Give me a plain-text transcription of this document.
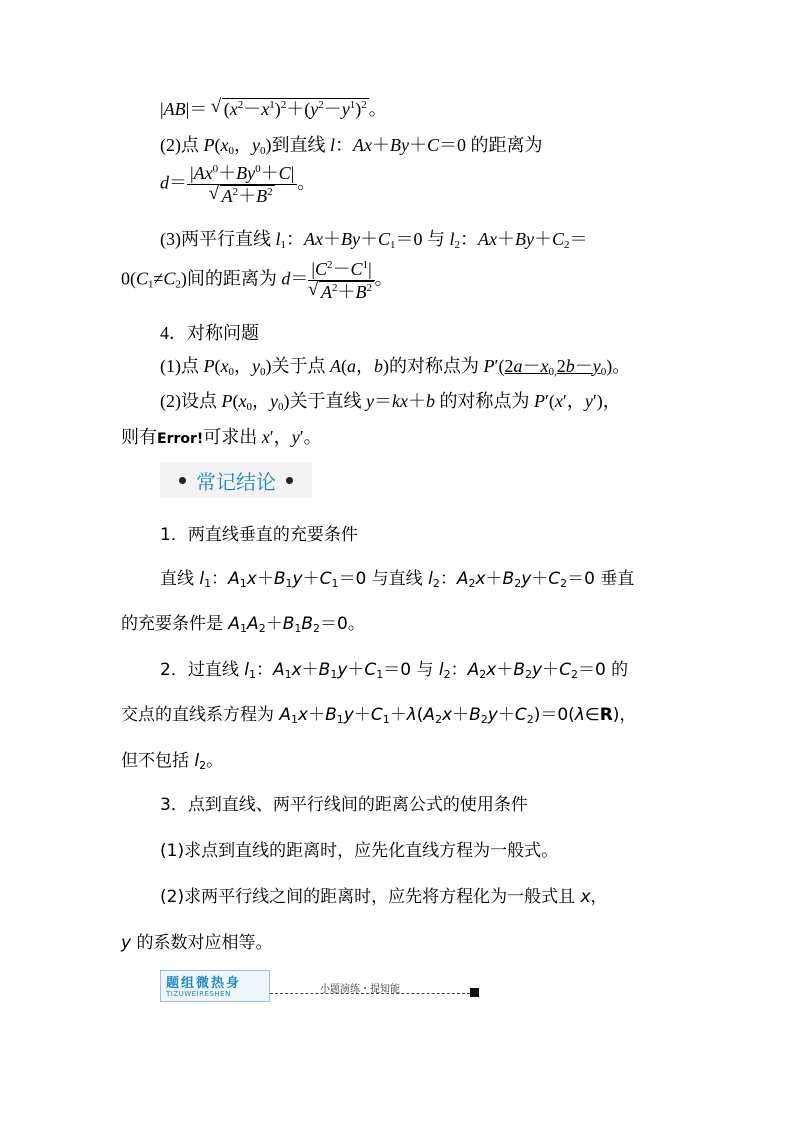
|AB|＝ √ $(x^2-x^1)^2+(y^2-y^1)^2$ 。
(2)点 $P(x_0$，$y_0$)到直线 l：Ax＋By＋C＝0 的距离为
$d= |Ax^0+By^0+C|$
√ $A^2+B^2$ 。
(3)两平行直线 $l_1$：$Ax+By+C_1=0$ 与 $l_2$：$Ax+By+C_2=$
$0(C_1\ne C_2)$间的距离为 $d= |C^2-C^1|$
√ $A^2+B^2$ 。
4．对称问题
(1)点 $P(x_0$，$y_0$)关于点 A(a，b)的对称点为 $P'(2a-x_{0,}2b-y_0)$。
(2)设点 $P(x_0$，$y_0$)关于直线 y＝kx＋b 的对称点为 P′(x′，y′)，
则有Error!可求出 x′，y′。
常记结论
1．两直线垂直的充要条件
直线 $l_1$：$A_1x+B_1y+C_1=0$ 与直线 $l_2$：$A_2x+B_2y+C_2=0$ 垂直
的充要条件是 $A_1A_2+B_1B_2=0$。
2．过直线 $l_1$：$A_1x+B_1y+C_1=0$ 与 $l_2$：$A_2x+B_2y+C_2=0$ 的
交点的直线系方程为 $A_1x+B_1y+C_1+\lambda(A_2x+B_2y+C_2)=0(\lambda\in R)$，
但不包括 $l_2$。
3．点到直线、两平行线间的距离公式的使用条件
(1)求点到直线的距离时，应先化直线方程为一般式。
(2)求两平行线之间的距离时，应先将方程化为一般式且 x，
y 的系数对应相等。
题组微热身
TIZUWEIRESHEN	小题演练・提知能
